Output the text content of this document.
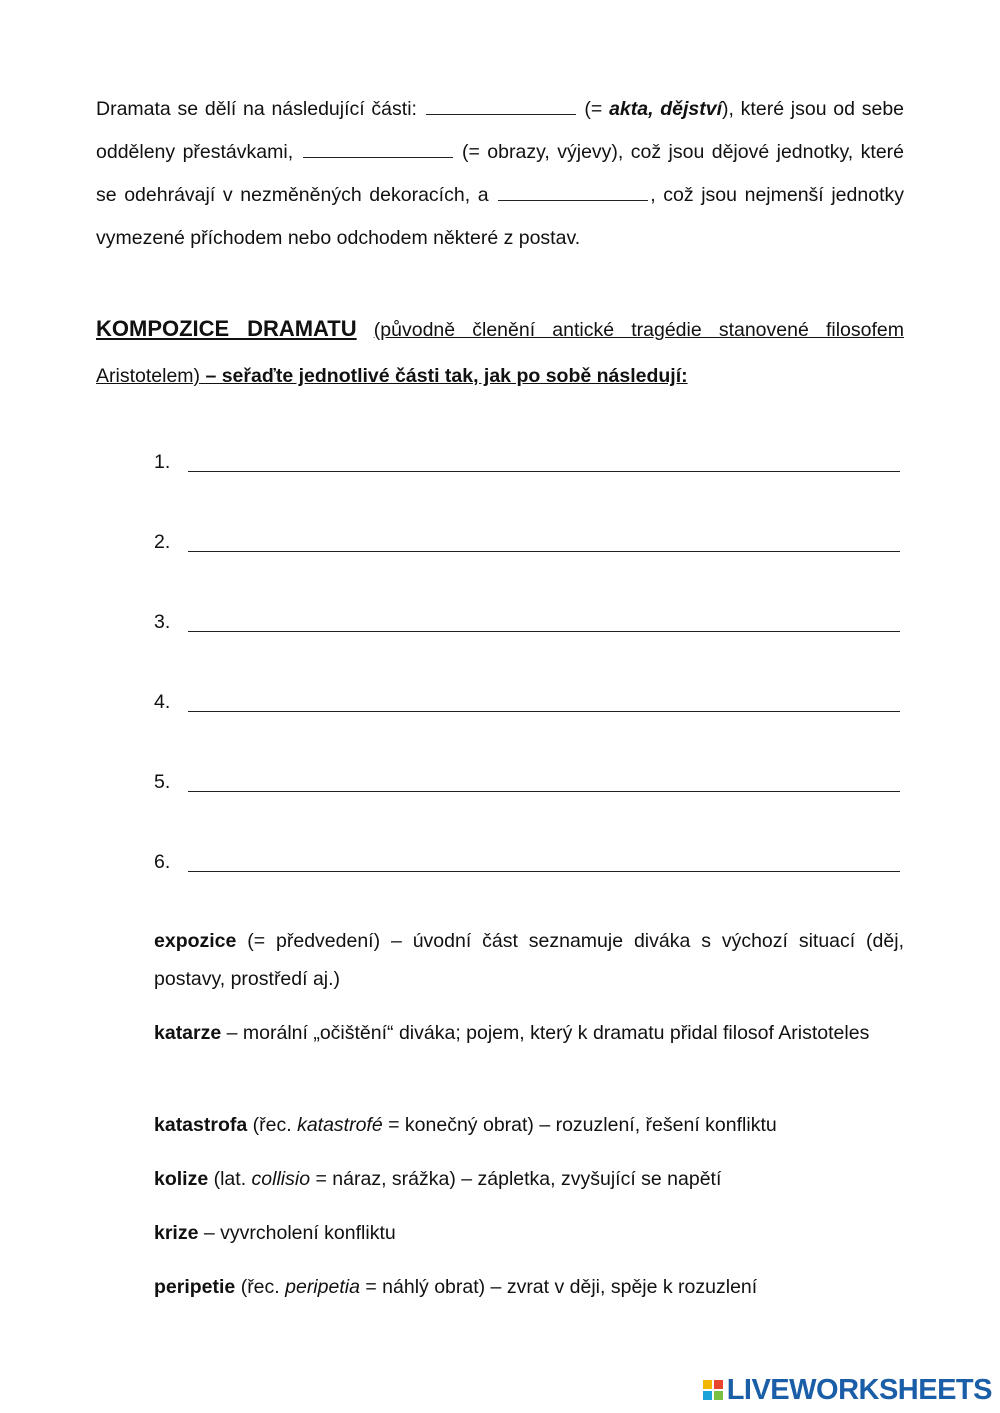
Dramata se dělí na následující části:	(= akta, dějství), které jsou od sebe odděleny přestávkami,	(= obrazy, výjevy), což jsou dějové jednotky, které se odehrávají v nezměněných dekoracích, a	, což jsou nejmenší jednotky vymezené příchodem nebo odchodem některé z postav.
KOMPOZICE DRAMATU (původně členění antické tragédie stanovené filosofem Aristotelem) – seřaďte jednotlivé části tak, jak po sobě následují:
1.
2.
3.
4.
5.
6.
expozice (= předvedení) – úvodní část seznamuje diváka s výchozí situací (děj, postavy, prostředí aj.)
katarze – morální „očištění“ diváka; pojem, který k dramatu přidal filosof Aristoteles
katastrofa (řec. katastrofé = konečný obrat) – rozuzlení, řešení konfliktu
kolize (lat. collisio = náraz, srážka) – zápletka, zvyšující se napětí
krize – vyvrcholení konfliktu
peripetie (řec. peripetia = náhlý obrat) – zvrat v ději, spěje k rozuzlení
LIVEWORKSHEETS
